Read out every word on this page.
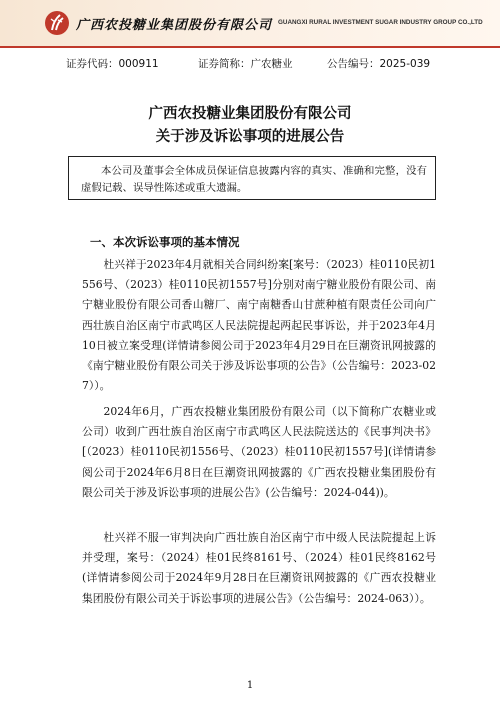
广西农投糖业集团股份有限公司 GUANGXI RURAL INVESTMENT SUGAR INDUSTRY GROUP CO.,LTD
证券代码：000911	证券简称：广农糖业	公告编号：2025-039
广西农投糖业集团股份有限公司
关于涉及诉讼事项的进展公告
本公司及董事会全体成员保证信息披露内容的真实、准确和完整，没有虚假记载、误导性陈述或重大遗漏。
一、本次诉讼事项的基本情况
杜兴祥于2023年4月就相关合同纠纷案[案号：（2023）桂0110民初1556号、（2023）桂0110民初1557号]分别对南宁糖业股份有限公司、南宁糖业股份有限公司香山糖厂、南宁南糖香山甘蔗种植有限责任公司向广西壮族自治区南宁市武鸣区人民法院提起两起民事诉讼，并于2023年4月10日被立案受理(详情请参阅公司于2023年4月29日在巨潮资讯网披露的《南宁糖业股份有限公司关于涉及诉讼事项的公告》（公告编号：2023-027））。
2024年6月，广西农投糖业集团股份有限公司（以下简称广农糖业或公司）收到广西壮族自治区南宁市武鸣区人民法院送达的《民事判决书》[（2023）桂0110民初1556号、（2023）桂0110民初1557号](详情请参阅公司于2024年6月8日在巨潮资讯网披露的《广西农投糖业集团股份有限公司关于涉及诉讼事项的进展公告》(公告编号：2024-044))。
杜兴祥不服一审判决向广西壮族自治区南宁市中级人民法院提起上诉并受理，案号：（2024）桂01民终8161号、（2024）桂01民终8162号(详情请参阅公司于2024年9月28日在巨潮资讯网披露的《广西农投糖业集团股份有限公司关于诉讼事项的进展公告》（公告编号：2024-063））。
1
